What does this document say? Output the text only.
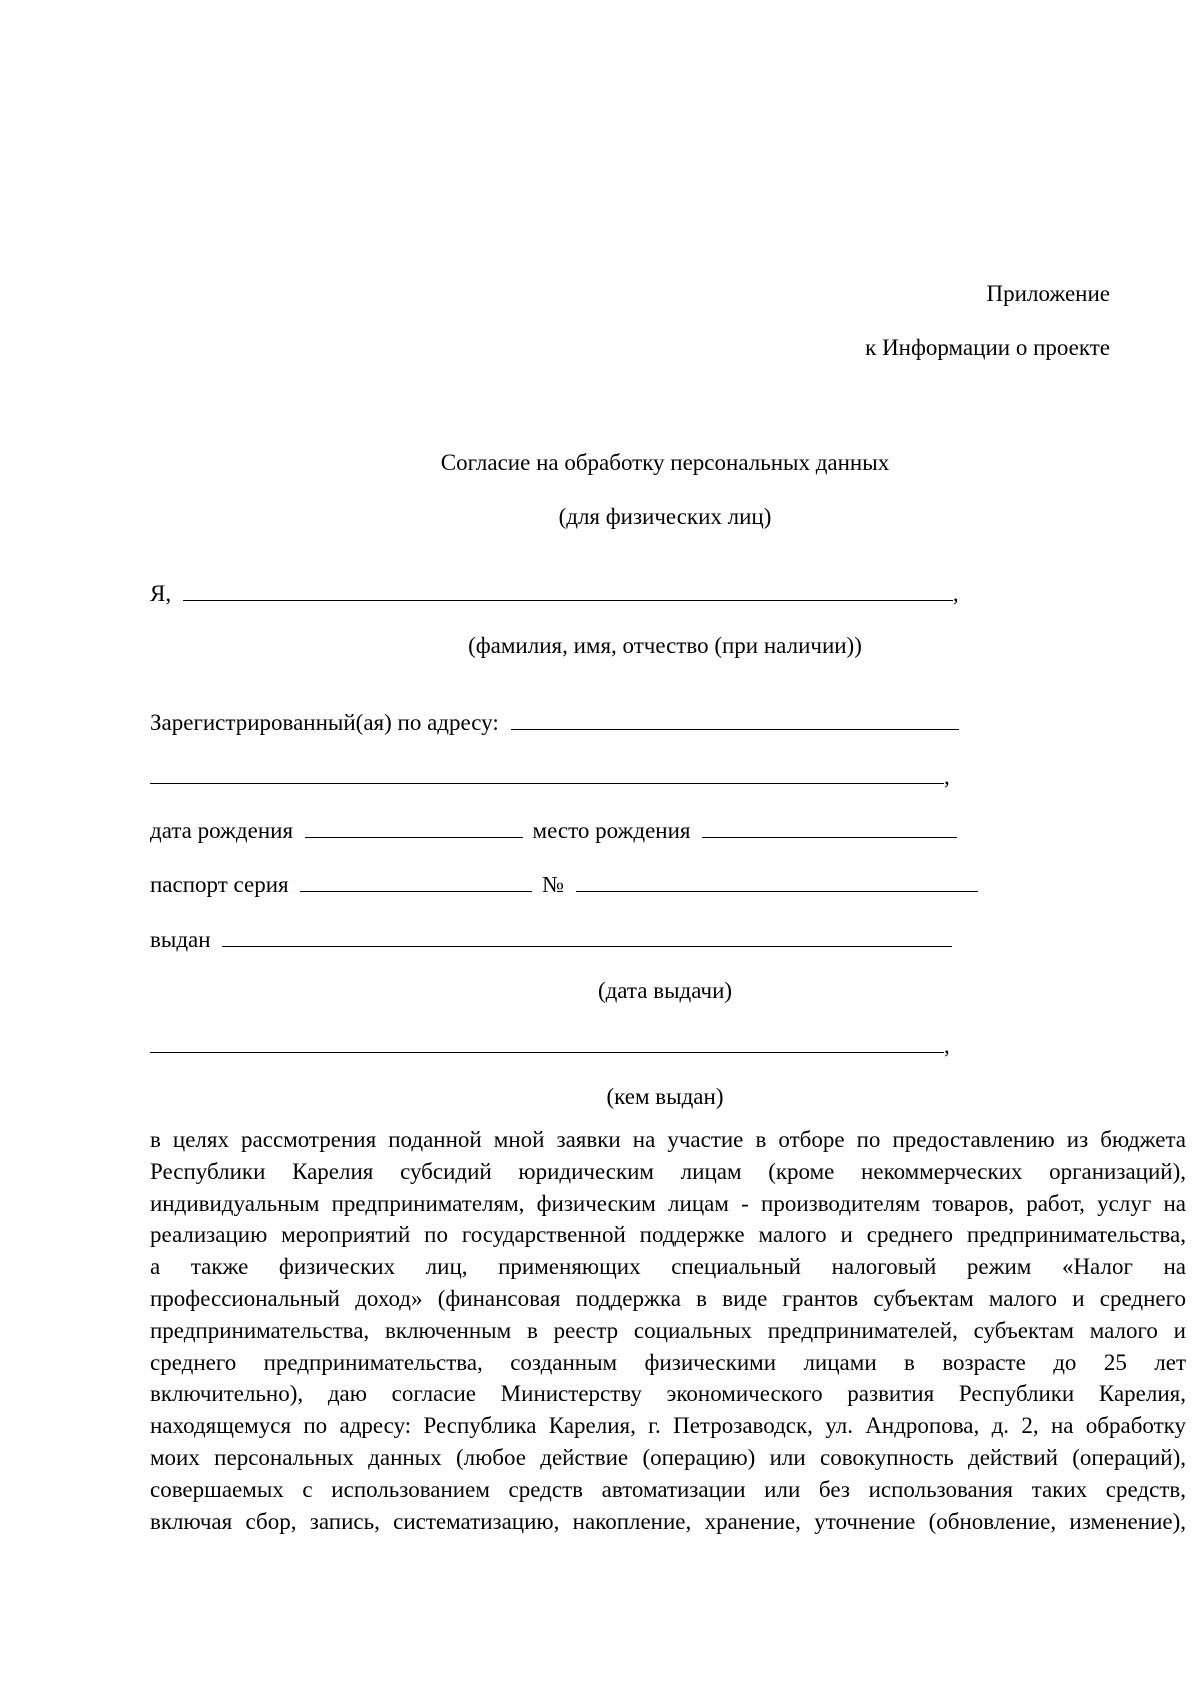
Приложение
к Информации о проекте
Согласие на обработку персональных данных
(для физических лиц)
Я,	,
(фамилия, имя, отчество (при наличии))
Зарегистрированный(ая) по адресу:
,
дата рождения	место рождения
паспорт серия	№
выдан
(дата выдачи)
,
(кем выдан)
в целях рассмотрения поданной мной заявки на участие в отборе по предоставлению из бюджета
Республики Карелия субсидий юридическим лицам (кроме некоммерческих организаций),
индивидуальным предпринимателям, физическим лицам - производителям товаров, работ, услуг на
реализацию мероприятий по государственной поддержке малого и среднего предпринимательства,
а также физических лиц, применяющих специальный налоговый режим «Налог на
профессиональный доход» (финансовая поддержка в виде грантов субъектам малого и среднего
предпринимательства, включенным в реестр социальных предпринимателей, субъектам малого и
среднего предпринимательства, созданным физическими лицами в возрасте до 25 лет
включительно), даю согласие Министерству экономического развития Республики Карелия,
находящемуся по адресу: Республика Карелия, г. Петрозаводск, ул. Андропова, д. 2, на обработку
моих персональных данных (любое действие (операцию) или совокупность действий (операций),
совершаемых с использованием средств автоматизации или без использования таких средств,
включая сбор, запись, систематизацию, накопление, хранение, уточнение (обновление, изменение),
